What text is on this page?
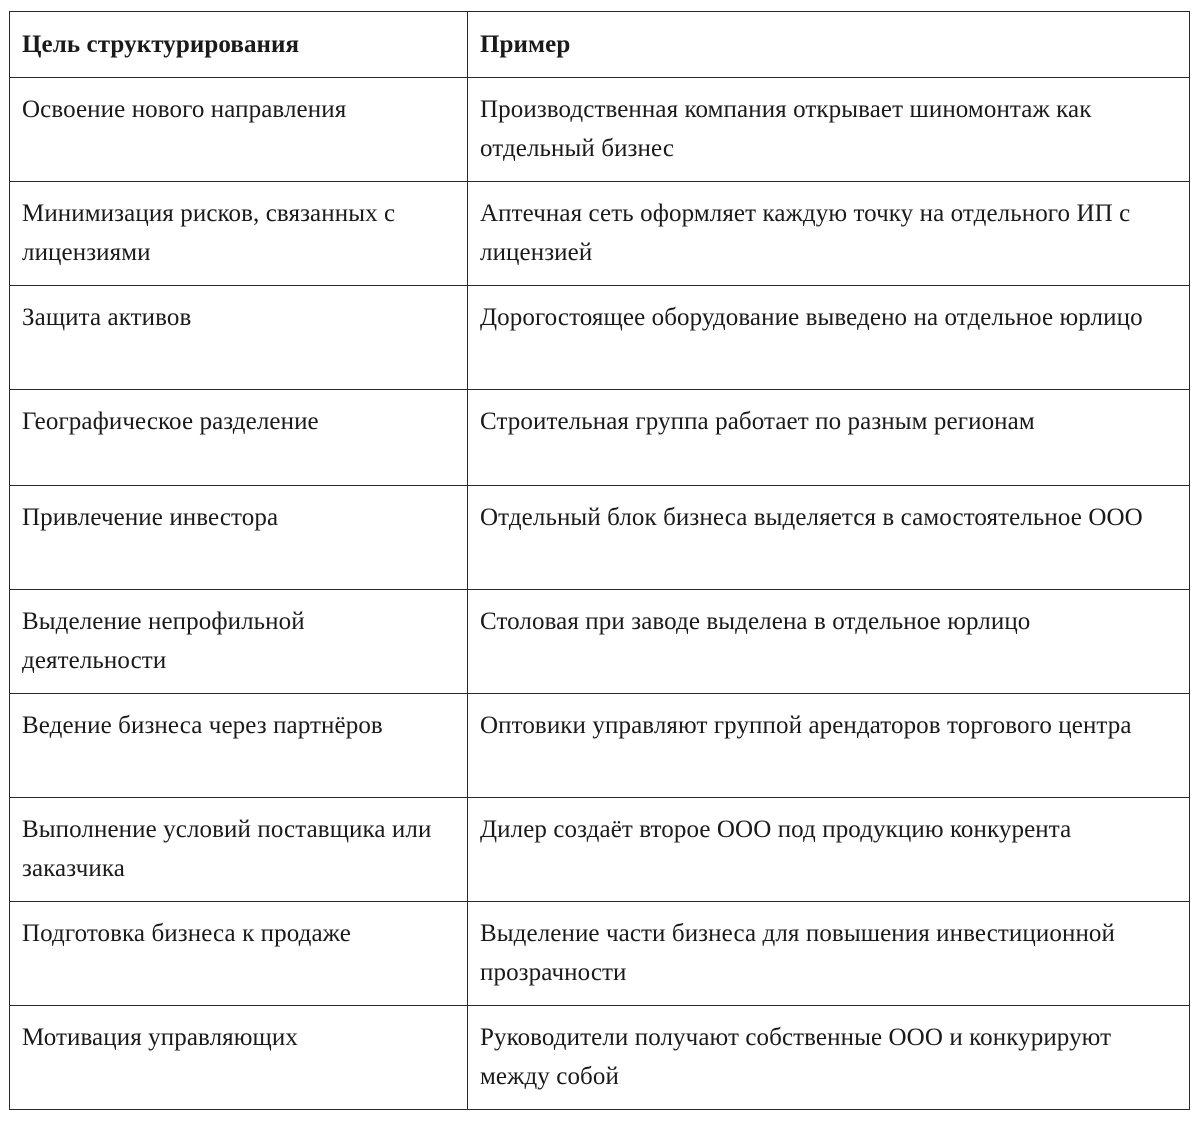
Цель структурирования	Пример
Освоение нового направления	Производственная компания открывает шиномонтаж как отдельный бизнес
Минимизация рисков, связанных с лицензиями	Аптечная сеть оформляет каждую точку на отдельного ИП с лицензией
Защита активов	Дорогостоящее оборудование выведено на отдельное юрлицо
Географическое разделение	Строительная группа работает по разным регионам
Привлечение инвестора	Отдельный блок бизнеса выделяется в самостоятельное ООО
Выделение непрофильной деятельности	Столовая при заводе выделена в отдельное юрлицо
Ведение бизнеса через партнёров	Оптовики управляют группой арендаторов торгового центра
Выполнение условий поставщика или заказчика	Дилер создаёт второе ООО под продукцию конкурента
Подготовка бизнеса к продаже	Выделение части бизнеса для повышения инвестиционной прозрачности
Мотивация управляющих	Руководители получают собственные ООО и конкурируют между собой
